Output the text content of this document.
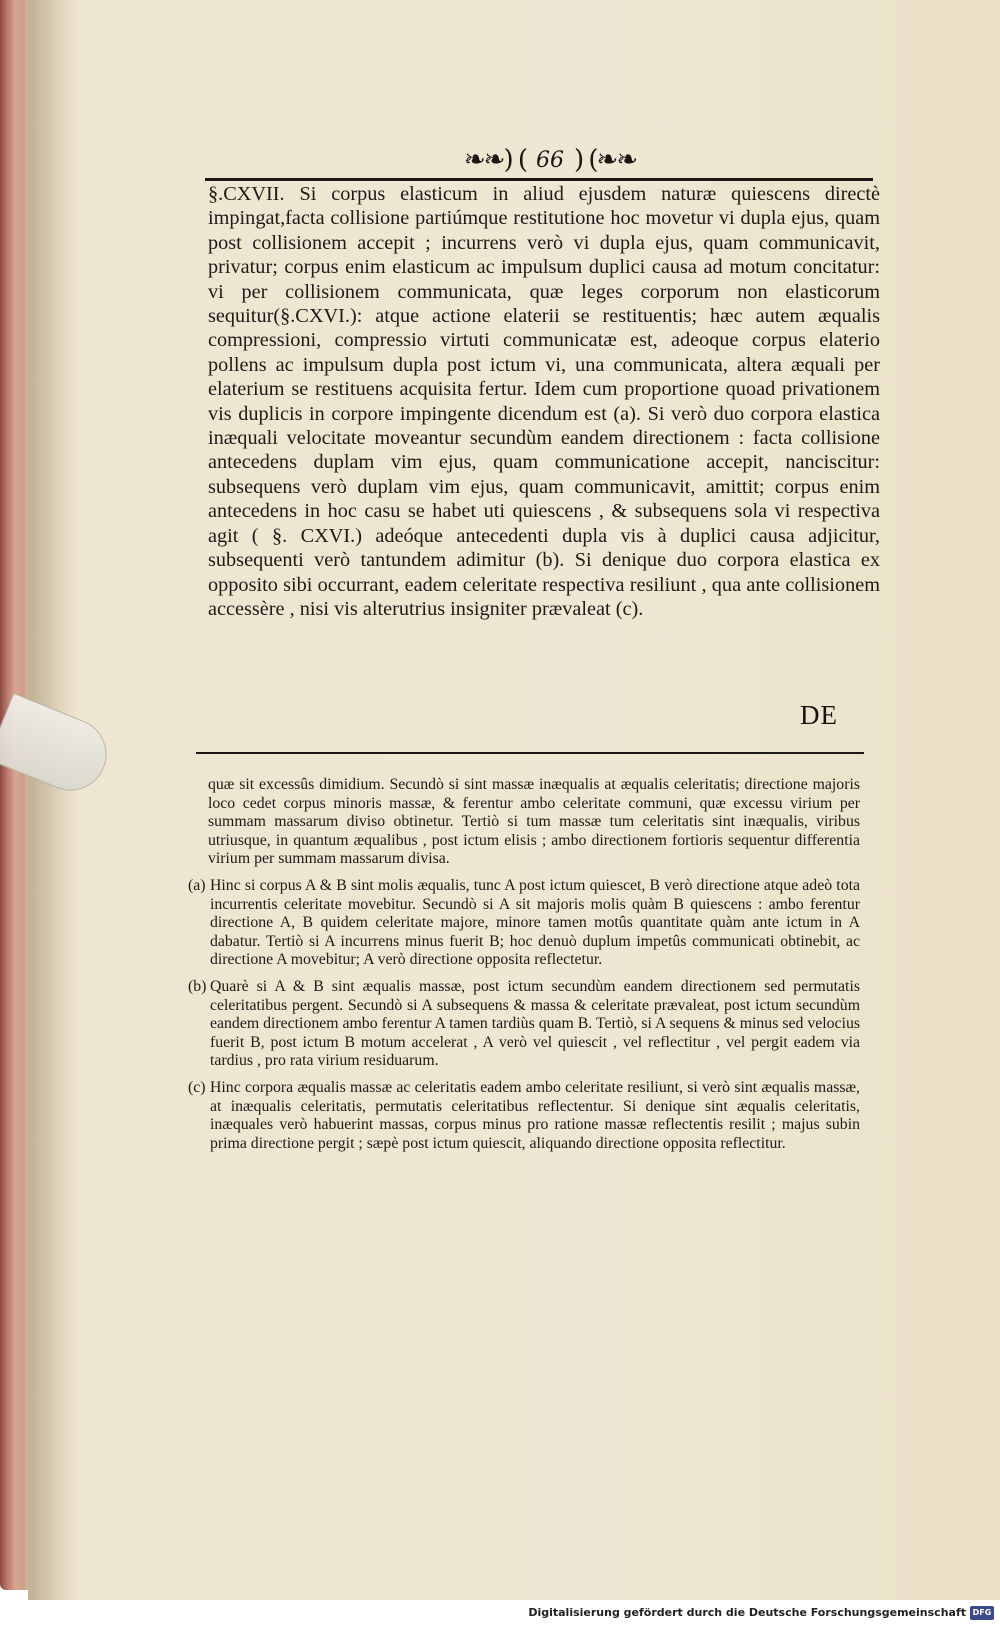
❧❧) ( 66 ) (❧❧
§.CXVII. Si corpus elasticum in aliud ejusdem naturæ quiescens directè impingat,facta collisione partiúmque restitutione hoc movetur vi dupla ejus, quam post collisionem accepit ; incurrens verò vi dupla ejus, quam communicavit, privatur; corpus enim elasticum ac impulsum duplici causa ad motum concitatur: vi per collisionem communicata, quæ leges corporum non elasticorum sequitur(§.CXVI.): atque actione elaterii se restituentis; hæc autem æqualis compressioni, compressio virtuti communicatæ est, adeoque corpus elaterio pollens ac impulsum dupla post ictum vi, una communicata, altera æquali per elaterium se restituens acquisita fertur. Idem cum proportione quoad privationem vis duplicis in corpore impingente dicendum est (a). Si verò duo corpora elastica inæquali velocitate moveantur secundùm eandem directionem : facta collisione antecedens duplam vim ejus, quam communicatione accepit, nanciscitur: subsequens verò duplam vim ejus, quam communicavit, amittit; corpus enim antecedens in hoc casu se habet uti quiescens , & subsequens sola vi respectiva agit ( §. CXVI.) adeóque antecedenti dupla vis à duplici causa adjicitur, subsequenti verò tantundem adimitur (b). Si denique duo corpora elastica ex opposito sibi occurrant, eadem celeritate respectiva resiliunt , qua ante collisionem accessère , nisi vis alterutrius insigniter prævaleat (c).
DE
quæ sit excessûs dimidium. Secundò si sint massæ inæqualis at æqualis celeritatis; directione majoris loco cedet corpus minoris massæ, & ferentur ambo celeritate communi, quæ excessu virium per summam massarum diviso obtinetur. Tertiò si tum massæ tum celeritatis sint inæqualis, viribus utriusque, in quantum æqualibus , post ictum elisis ; ambo directionem fortioris sequentur differentia virium per summam massarum divisa.
(a) Hinc si corpus A & B sint molis æqualis, tunc A post ictum quiescet, B verò directione atque adeò tota incurrentis celeritate movebitur. Secundò si A sit majoris molis quàm B quiescens : ambo ferentur directione A, B quidem celeritate majore, minore tamen motûs quantitate quàm ante ictum in A dabatur. Tertiò si A incurrens minus fuerit B; hoc denuò duplum impetûs communicati obtinebit, ac directione A movebitur; A verò directione opposita reflectetur.
(b) Quarè si A & B sint æqualis massæ, post ictum secundùm eandem directionem sed permutatis celeritatibus pergent. Secundò si A subsequens & massa & celeritate prævaleat, post ictum secundùm eandem directionem ambo ferentur A tamen tardiùs quam B. Tertiò, si A sequens & minus sed velocius fuerit B, post ictum B motum accelerat , A verò vel quiescit , vel reflectitur , vel pergit eadem via tardius , pro rata virium residuarum.
(c) Hinc corpora æqualis massæ ac celeritatis eadem ambo celeritate resiliunt, si verò sint æqualis massæ, at inæqualis celeritatis, permutatis celeritatibus reflectentur. Si denique sint æqualis celeritatis, inæquales verò habuerint massas, corpus minus pro ratione massæ reflectentis resilit ; majus subin prima directione pergit ; sæpè post ictum quiescit, aliquando directione opposita reflectitur.
Digitalisierung gefördert durch die Deutsche Forschungsgemeinschaft DFG
